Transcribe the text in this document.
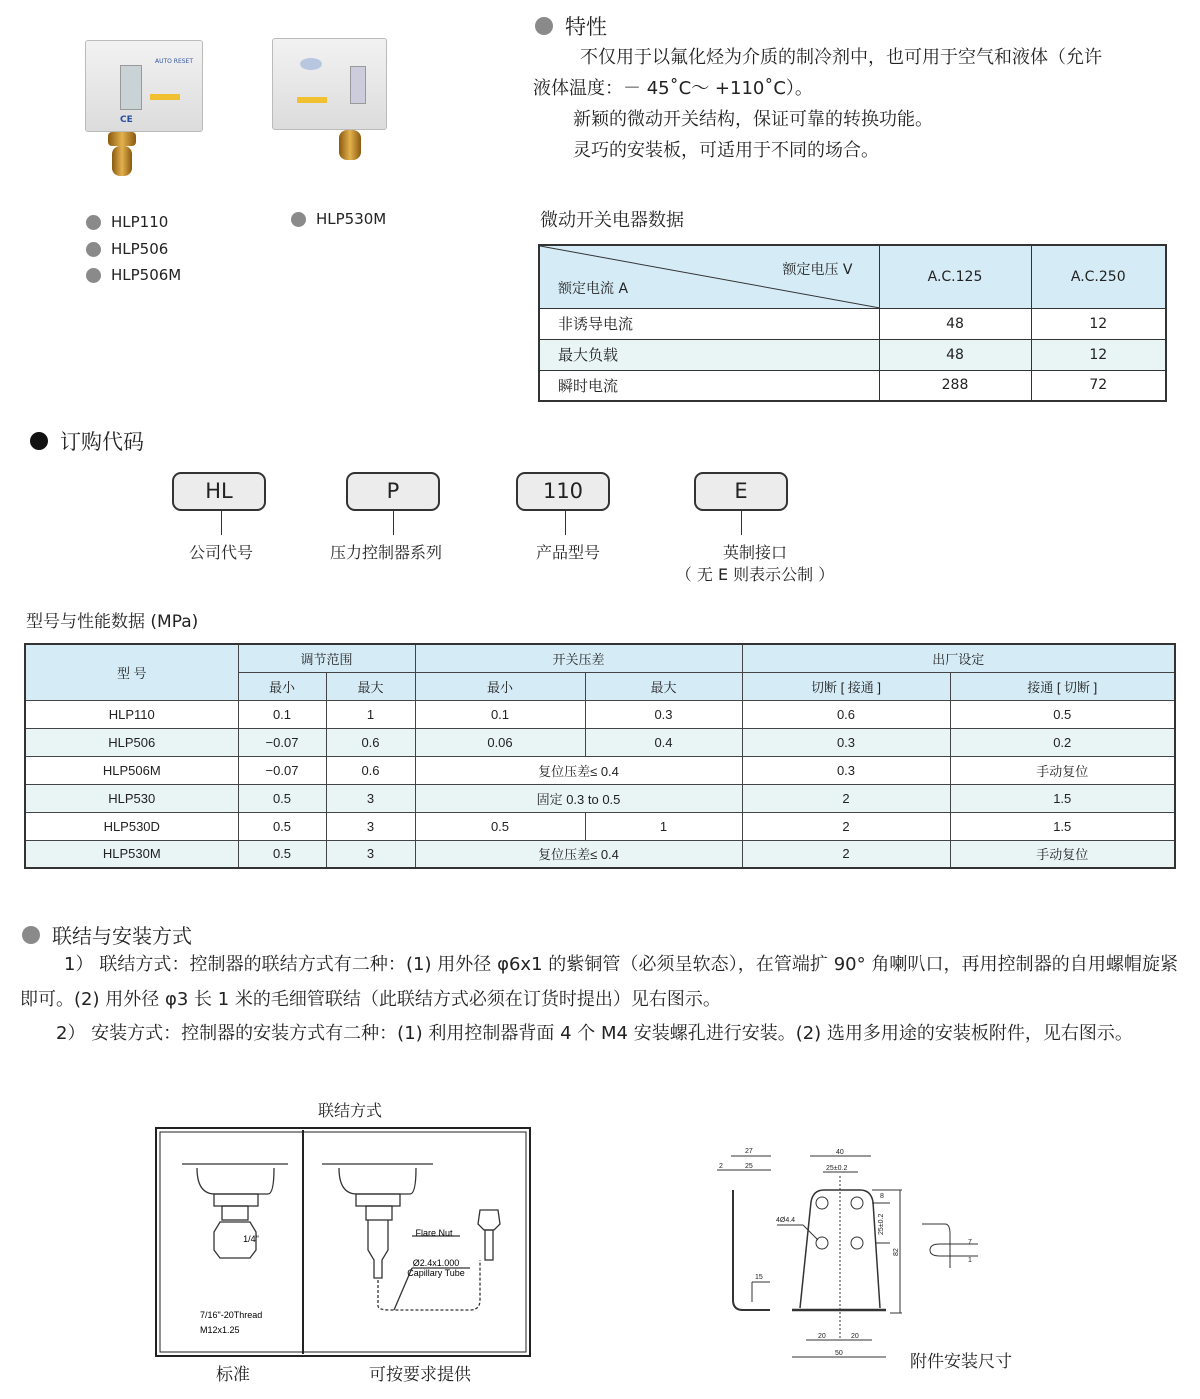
AUTO RESET
CE
HLP110
HLP506
HLP506M
HLP530M
特性

不仅用于以氟化烃为介质的制冷剂中，也可用于空气和液体（允许

液体温度：－ 45˚C～ +110˚C）。

新颖的微动开关结构，保证可靠的转换功能。

灵巧的安装板，可适用于不同的场合。

微动开关电器数据
额定电压 V
额定电流 A	A.C.125	A.C.250
非诱导电流	48	12
最大负载	48	12
瞬时电流	288	72
订购代码
HL	P	110	E
公司代号	压力控制器系列	产品型号	英制接口
（ 无 E 则表示公制 ）
型号与性能数据 (MPa)
型 号	调节范围		开关压差		出厂设定	
	最小	最大	最小	最大	切断 [ 接通 ]	接通 [ 切断 ]
HLP110	0.1	1	0.1	0.3	0.6	0.5
HLP506	−0.07	0.6	0.06	0.4	0.3	0.2
HLP506M	−0.07	0.6	复位压差≤ 0.4		0.3	手动复位
HLP530	0.5	3	固定 0.3 to 0.5		2	1.5
HLP530D	0.5	3	0.5	1	2	1.5
HLP530M	0.5	3	复位压差≤ 0.4		2	手动复位
联结与安装方式
1） 联结方式：控制器的联结方式有二种：(1) 用外径 φ6x1 的紫铜管（必须呈软态），在管端扩 90° 角喇叭口，再用控制器的自用螺帽旋紧即可。(2) 用外径 φ3 长 1 米的毛细管联结（此联结方式必须在订货时提出）见右图示。
2） 安装方式：控制器的安装方式有二种：(1) 利用控制器背面 4 个 M4 安装螺孔进行安装。(2) 选用多用途的安装板附件，见右图示。
联结方式
1/4"
Flare Nut
Ø2.4x1.000
Capillary Tube
7/16"-20Thread
M12x1.25
标准	可按要求提供
27
2	25
40
25±0.2
8
25±0.2
82
4Ø4.4
15
20	20
50
7
1
附件安装尺寸
